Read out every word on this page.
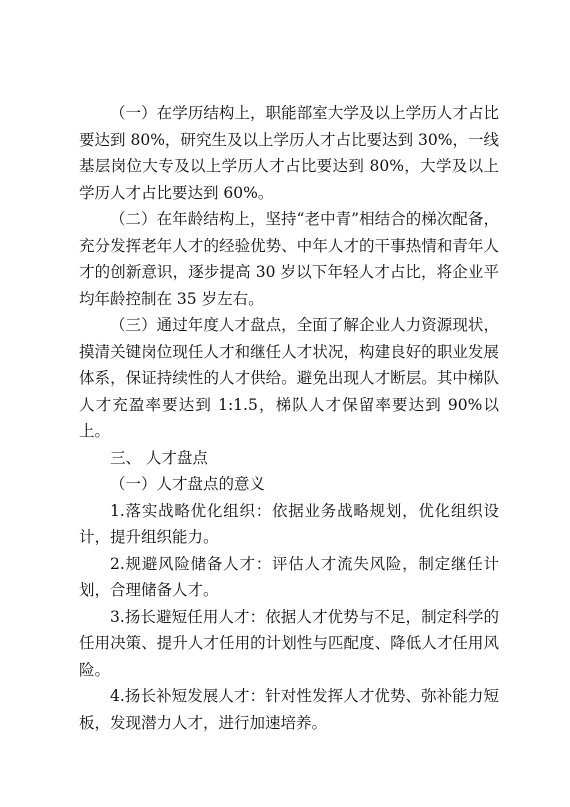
（一）在学历结构上，职能部室大学及以上学历人才占比要达到 80%，研究生及以上学历人才占比要达到 30%，一线基层岗位大专及以上学历人才占比要达到 80%，大学及以上学历人才占比要达到 60%。

（二）在年龄结构上，坚持“老中青”相结合的梯次配备，充分发挥老年人才的经验优势、中年人才的干事热情和青年人才的创新意识，逐步提高 30 岁以下年轻人才占比，将企业平均年龄控制在 35 岁左右。

（三）通过年度人才盘点，全面了解企业人力资源现状，摸清关键岗位现任人才和继任人才状况，构建良好的职业发展体系，保证持续性的人才供给。避免出现人才断层。其中梯队人才充盈率要达到 1:1.5，梯队人才保留率要达到 90%以上。

三、 人才盘点

（一）人才盘点的意义

1.落实战略优化组织：依据业务战略规划，优化组织设计，提升组织能力。

2.规避风险储备人才：评估人才流失风险，制定继任计划，合理储备人才。

3.扬长避短任用人才：依据人才优势与不足，制定科学的任用决策、提升人才任用的计划性与匹配度、降低人才任用风险。

4.扬长补短发展人才：针对性发挥人才优势、弥补能力短板，发现潜力人才，进行加速培养。
